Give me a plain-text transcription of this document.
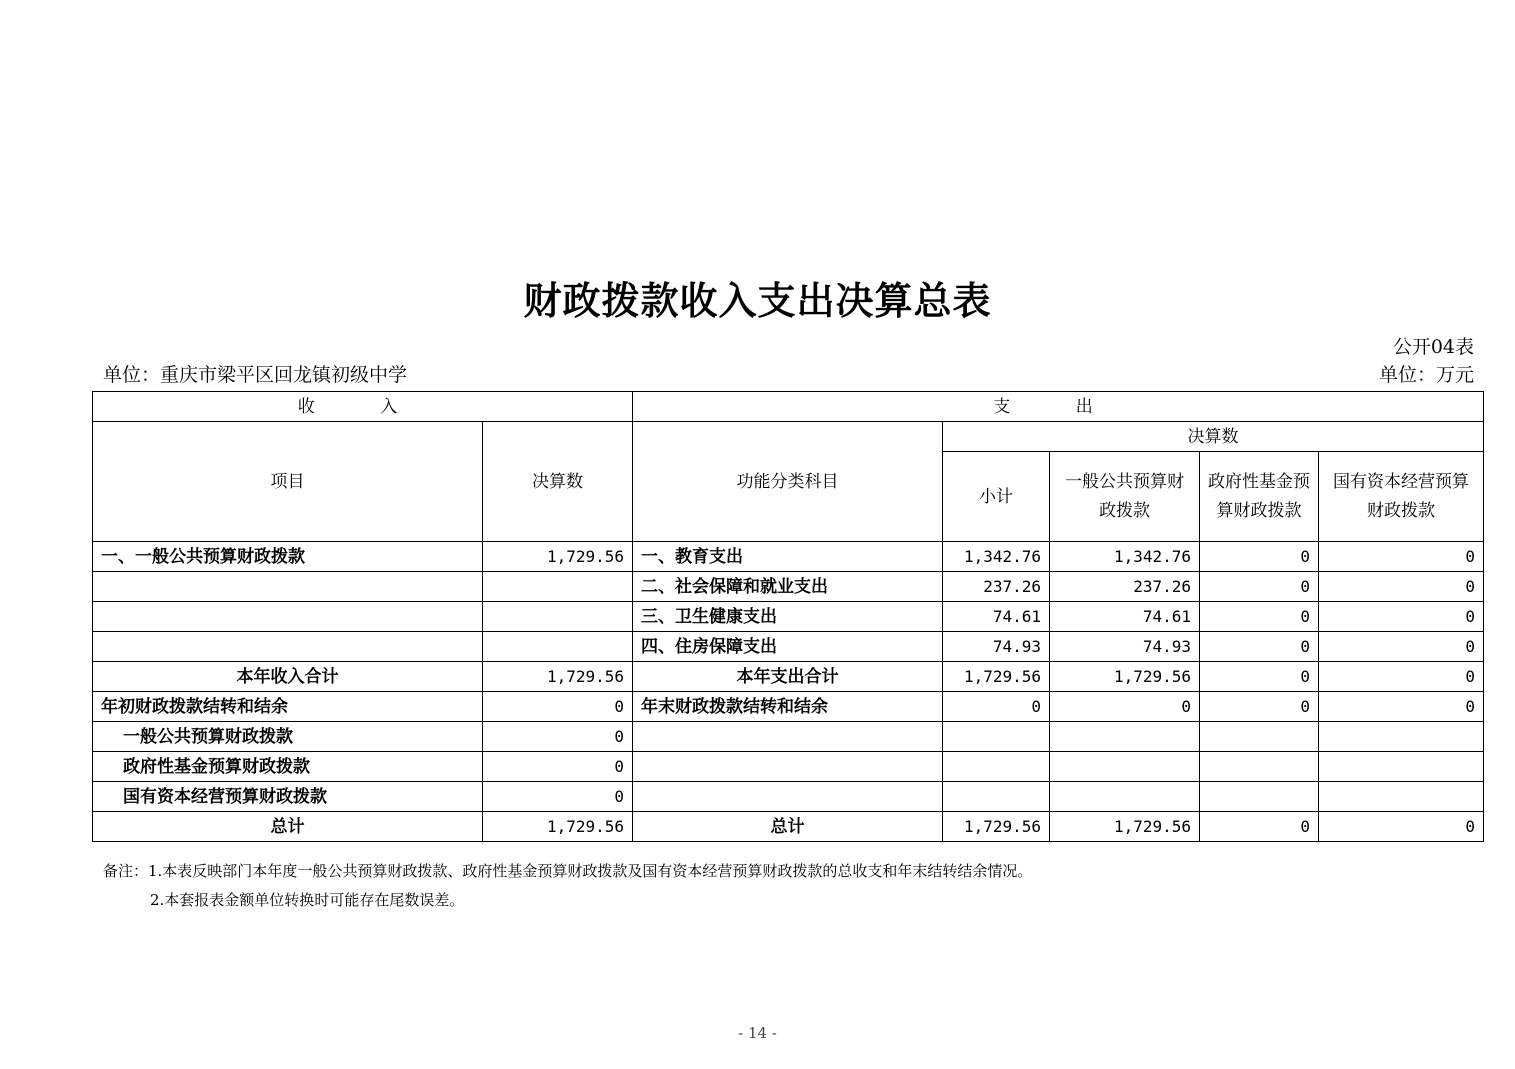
财政拨款收入支出决算总表
公开04表
单位：重庆市梁平区回龙镇初级中学	单位：万元
收 入		支 出				
项目	决算数	功能分类科目	决算数			
			小计	一般公共预算财政拨款	政府性基金预算财政拨款	国有资本经营预算财政拨款
一、一般公共预算财政拨款	1,729.56	一、教育支出	1,342.76	1,342.76	0	0
		二、社会保障和就业支出	237.26	237.26	0	0
		三、卫生健康支出	74.61	74.61	0	0
		四、住房保障支出	74.93	74.93	0	0
本年收入合计	1,729.56	本年支出合计	1,729.56	1,729.56	0	0
年初财政拨款结转和结余	0	年末财政拨款结转和结余	0	0	0	0
一般公共预算财政拨款	0					
政府性基金预算财政拨款	0					
国有资本经营预算财政拨款	0					
总计	1,729.56	总计	1,729.56	1,729.56	0	0
备注：1.本表反映部门本年度一般公共预算财政拨款、政府性基金预算财政拨款及国有资本经营预算财政拨款的总收支和年末结转结余情况。
2.本套报表金额单位转换时可能存在尾数误差。
- 14 -
